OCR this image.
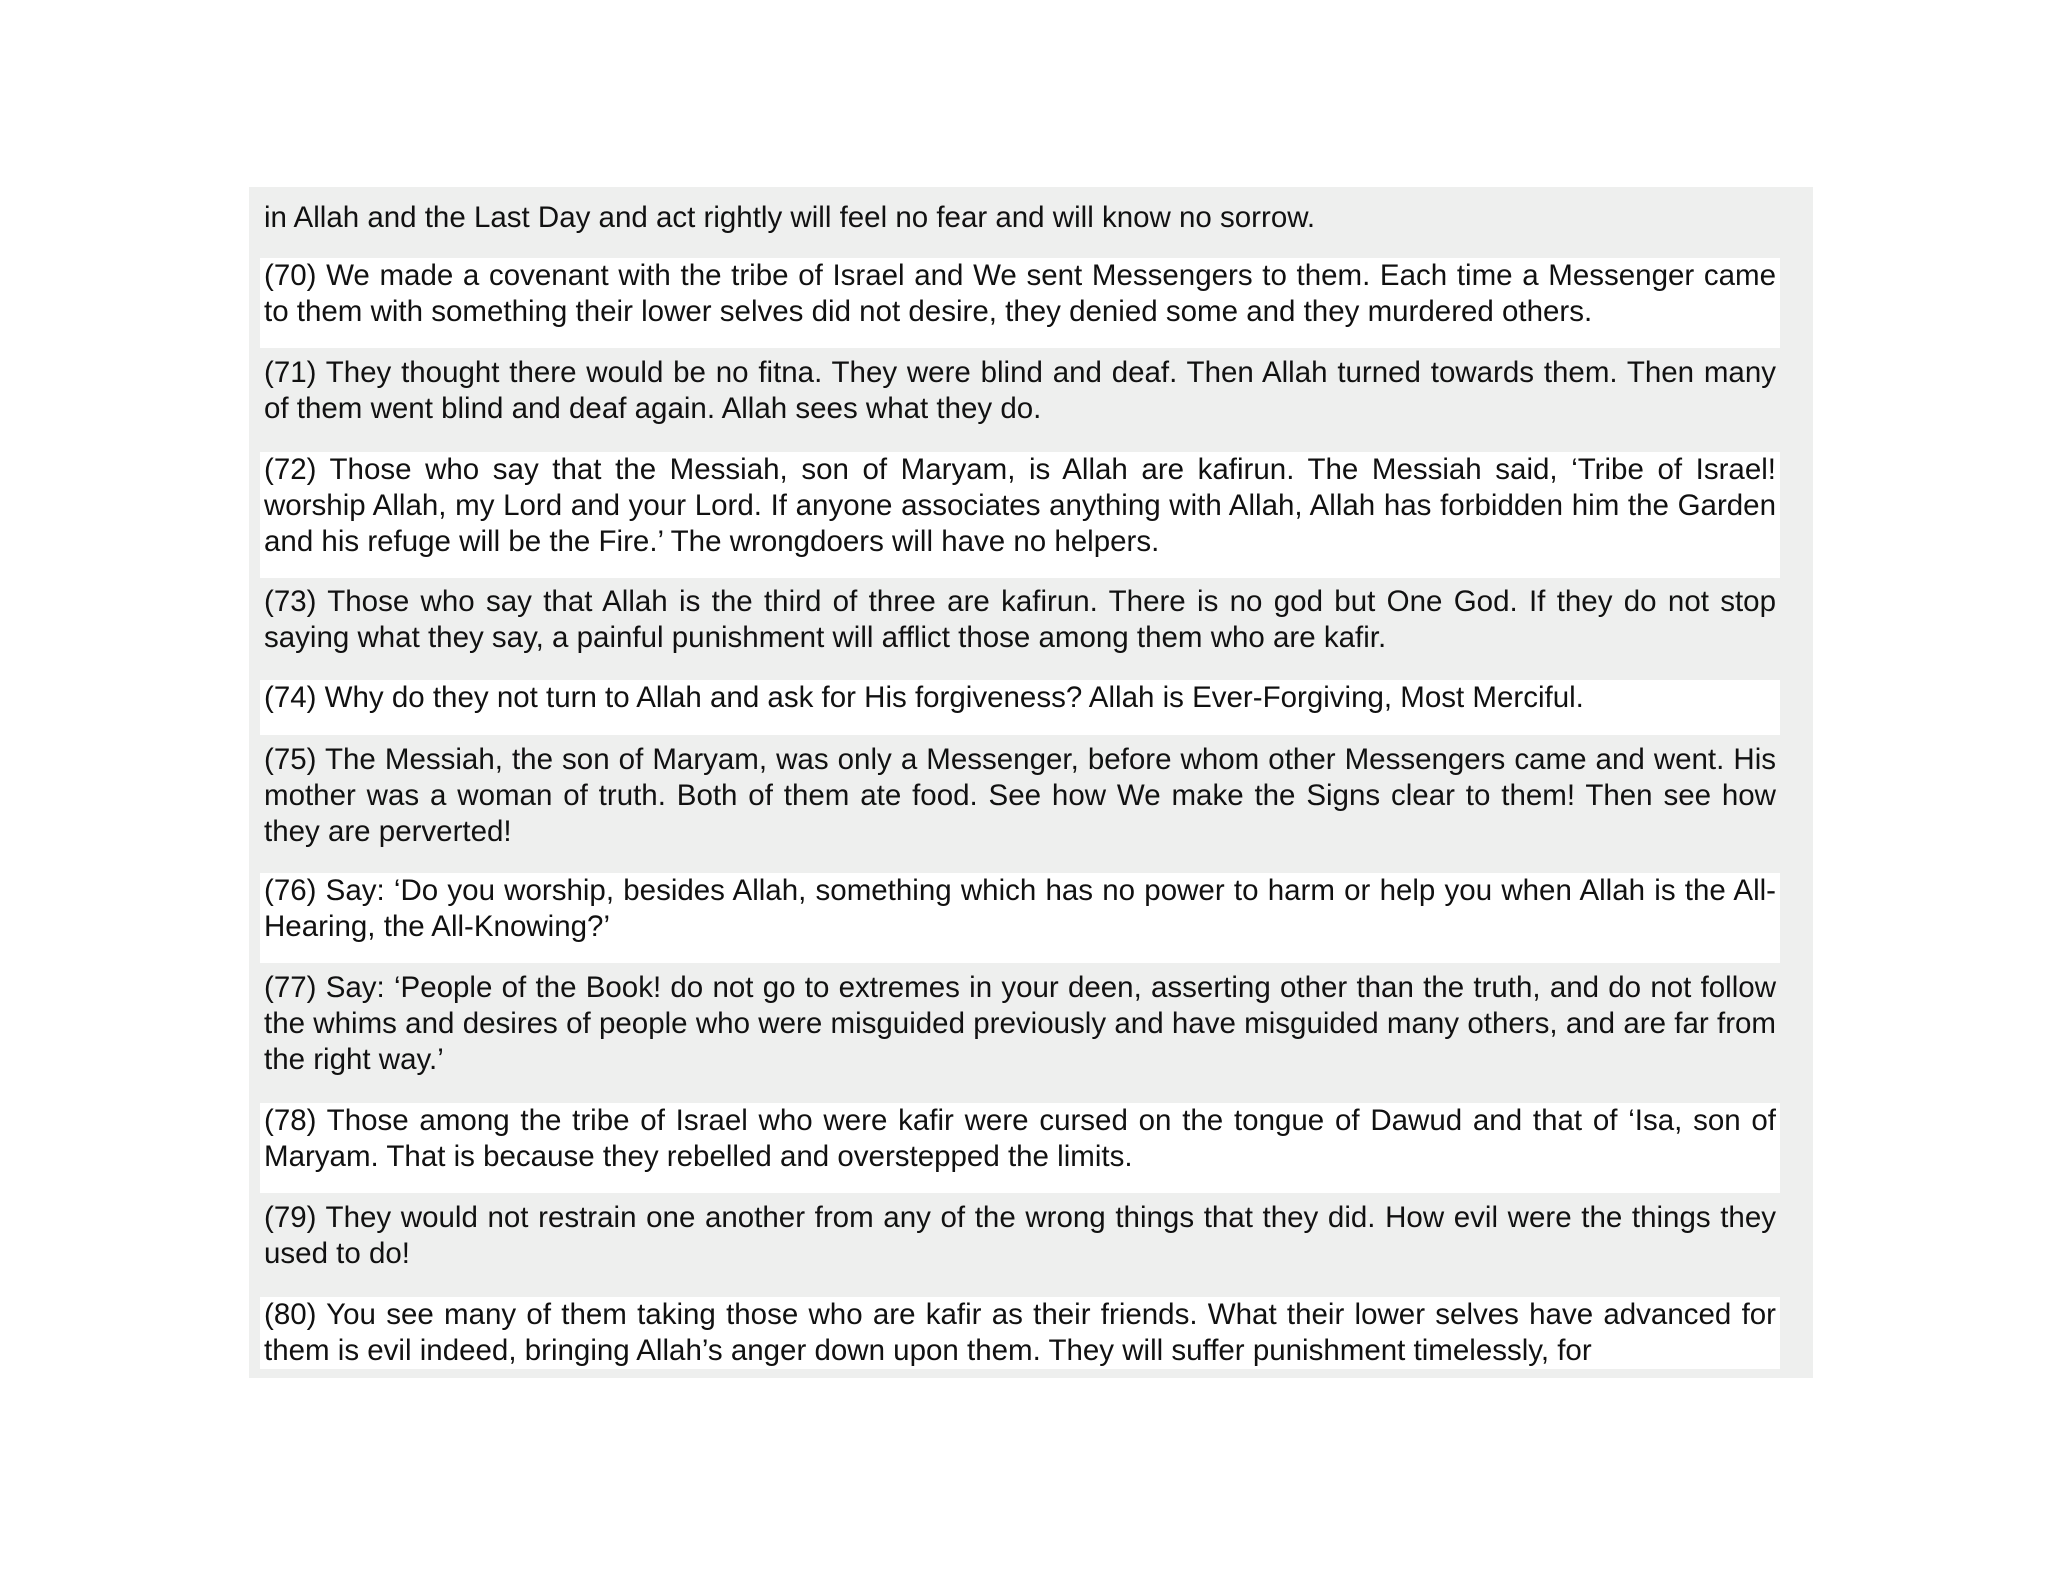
in Allah and the Last Day and act rightly will feel no fear and will know no sorrow.
(70) We made a covenant with the tribe of Israel and We sent Messengers to them. Each time a Messenger came to them with something their lower selves did not desire, they denied some and they murdered others.
(71) They thought there would be no fitna. They were blind and deaf. Then Allah turned towards them. Then many of them went blind and deaf again. Allah sees what they do.
(72) Those who say that the Messiah, son of Maryam, is Allah are kafirun. The Messiah said, ‘Tribe of Israel! worship Allah, my Lord and your Lord. If anyone associates anything with Allah, Allah has forbidden him the Garden and his refuge will be the Fire.’ The wrongdoers will have no helpers.
(73) Those who say that Allah is the third of three are kafirun. There is no god but One God. If they do not stop saying what they say, a painful punishment will afflict those among them who are kafir.
(74) Why do they not turn to Allah and ask for His forgiveness? Allah is Ever-Forgiving, Most Merciful.
(75) The Messiah, the son of Maryam, was only a Messenger, before whom other Messengers came and went. His mother was a woman of truth. Both of them ate food. See how We make the Signs clear to them! Then see how they are perverted!
(76) Say: ‘Do you worship, besides Allah, something which has no power to harm or help you when Allah is the All-Hearing, the All-Knowing?’
(77) Say: ‘People of the Book! do not go to extremes in your deen, asserting other than the truth, and do not follow the whims and desires of people who were misguided previously and have misguided many others, and are far from the right way.’
(78) Those among the tribe of Israel who were kafir were cursed on the tongue of Dawud and that of ‘Isa, son of Maryam. That is because they rebelled and overstepped the limits.
(79) They would not restrain one another from any of the wrong things that they did. How evil were the things they used to do!
(80) You see many of them taking those who are kafir as their friends. What their lower selves have advanced for them is evil indeed, bringing Allah’s anger down upon them. They will suffer punishment timelessly, for
